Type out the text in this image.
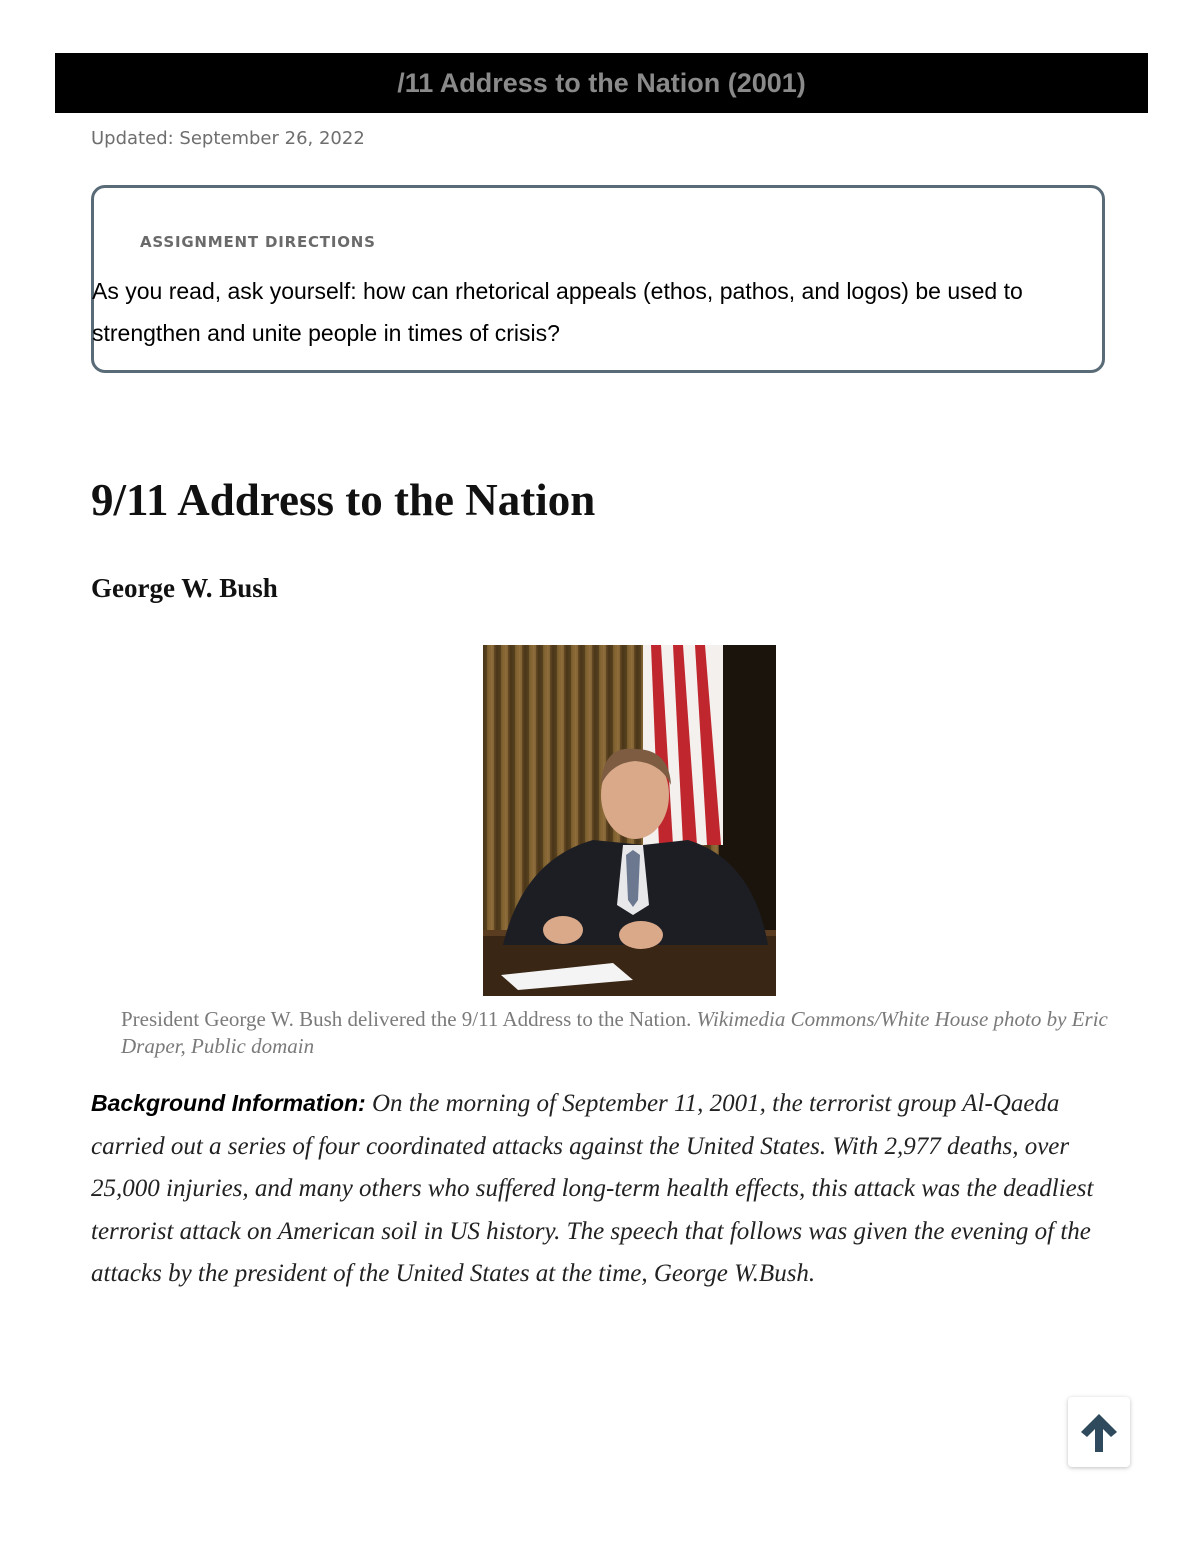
/11 Address to the Nation (2001)
Updated: September 26, 2022
ASSIGNMENT DIRECTIONS
As you read, ask yourself: how can rhetorical appeals (ethos, pathos, and logos) be used to strengthen and unite people in times of crisis?
9/11 Address to the Nation
George W. Bush
President George W. Bush delivered the 9/11 Address to the Nation. Wikimedia Commons/White House photo by Eric Draper, Public domain
Background Information: On the morning of September 11, 2001, the terrorist group Al-Qaeda carried out a series of four coordinated attacks against the United States. With 2,977 deaths, over 25,000 injuries, and many others who suffered long-term health effects, this attack was the deadliest terrorist attack on American soil in US history. The speech that follows was given the evening of the attacks by the president of the United States at the time, George W.Bush.
